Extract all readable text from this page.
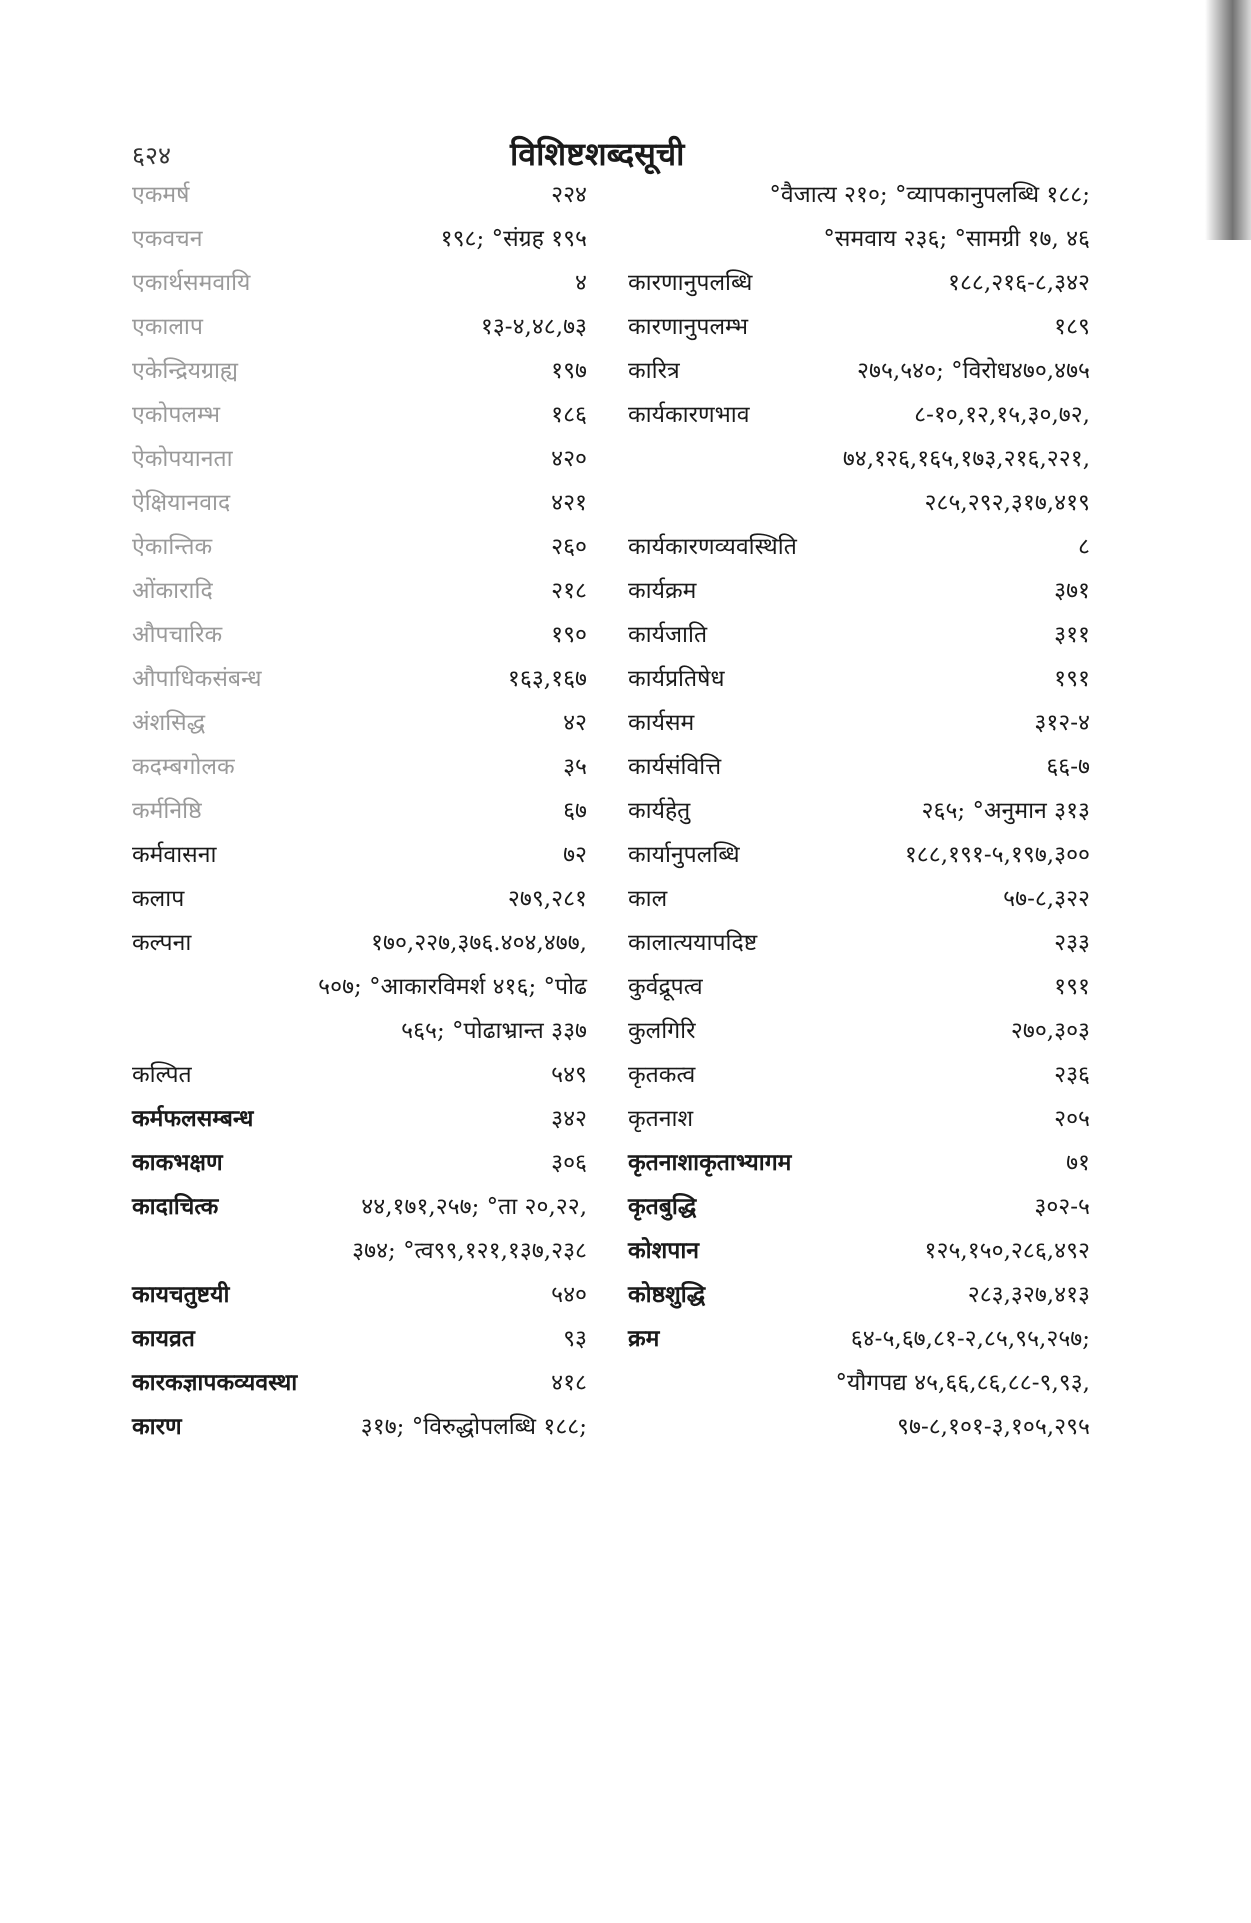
६२४	विशिष्टशब्दसूची
एकमर्ष	२२४
एकवचन	१९८; °संग्रह १९५
एकार्थसमवायि	४
एकालाप	१३-४,४८,७३
एकेन्द्रियग्राह्य	१९७
एकोपलम्भ	१८६
ऐकोपयानता	४२०
ऐक्षियानवाद	४२१
ऐकान्तिक	२६०
ओंकारादि	२१८
औपचारिक	१९०
औपाधिकसंबन्ध	१६३,१६७
अंशसिद्ध	४२
कदम्बगोलक	३५
कर्मनिष्ठि	६७
कर्मवासना	७२
कलाप	२७९,२८१
कल्पना	१७०,२२७,३७६.४०४,४७७,
५०७; °आकारविमर्श ४१६; °पोढ
५६५; °पोढाभ्रान्त ३३७
कल्पित	५४९
कर्मफलसम्बन्ध	३४२
काकभक्षण	३०६
कादाचित्क	४४,१७१,२५७; °ता २०,२२,
३७४; °त्व९९,१२१,१३७,२३८
कायचतुष्टयी	५४०
कायव्रत	९३
कारकज्ञापकव्यवस्था	४१८
कारण	३१७; °विरुद्धोपलब्धि १८८;
°वैजात्य २१०; °व्यापकानुपलब्धि १८८;
°समवाय २३६; °सामग्री १७, ४६
कारणानुपलब्धि	१८८,२१६-८,३४२
कारणानुपलम्भ	१८९
कारित्र	२७५,५४०; °विरोध४७०,४७५
कार्यकारणभाव	८-१०,१२,१५,३०,७२,
७४,१२६,१६५,१७३,२१६,२२१,
२८५,२९२,३१७,४१९
कार्यकारणव्यवस्थिति	८
कार्यक्रम	३७१
कार्यजाति	३११
कार्यप्रतिषेध	१९१
कार्यसम	३१२-४
कार्यसंवित्ति	६६-७
कार्यहेतु	२६५; °अनुमान ३१३
कार्यानुपलब्धि	१८८,१९१-५,१९७,३००
काल	५७-८,३२२
कालात्ययापदिष्ट	२३३
कुर्वद्रूपत्व	१९१
कुलगिरि	२७०,३०३
कृतकत्व	२३६
कृतनाश	२०५
कृतनाशाकृताभ्यागम	७१
कृतबुद्धि	३०२-५
कोशपान	१२५,१५०,२८६,४९२
कोष्ठशुद्धि	२८३,३२७,४१३
क्रम	६४-५,६७,८१-२,८५,९५,२५७;
°यौगपद्य ४५,६६,८६,८८-९,९३,
९७-८,१०१-३,१०५,२९५
